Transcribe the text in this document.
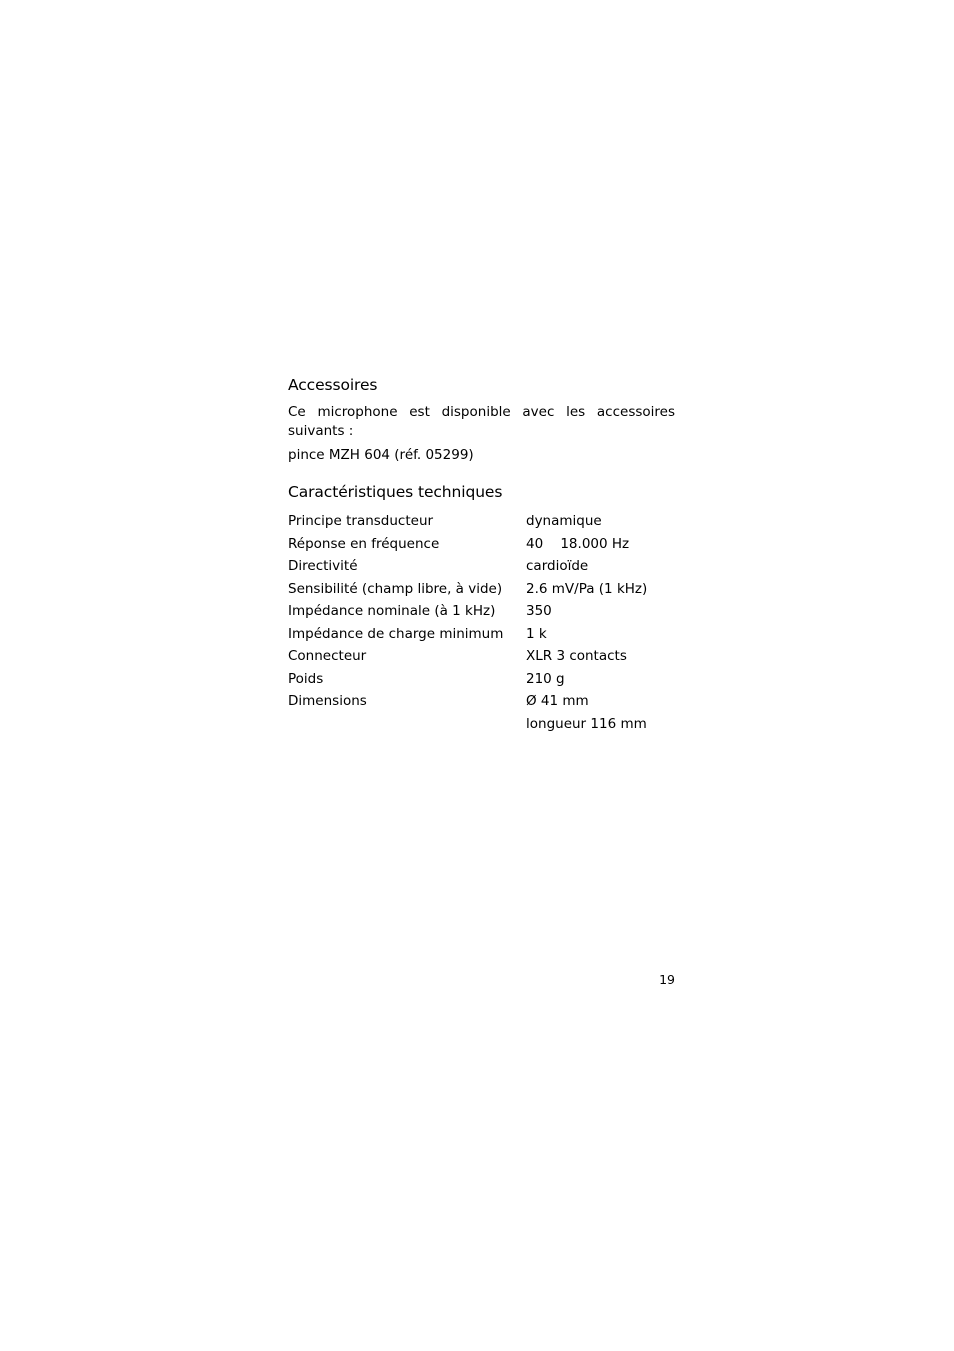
Accessoires

Ce microphone est disponible avec les accessoires suivants :

pince MZH 604 (réf. 05299)

Caractéristiques techniques
Principe transducteur	dynamique
Réponse en fréquence	40    18.000 Hz
Directivité	cardioïde
Sensibilité (champ libre, à vide)	2.6 mV/Pa (1 kHz)
Impédance nominale (à 1 kHz)	350
Impédance de charge minimum	1 k
Connecteur	XLR 3 contacts
Poids	210 g
Dimensions	Ø 41 mm
longueur 116 mm
19
